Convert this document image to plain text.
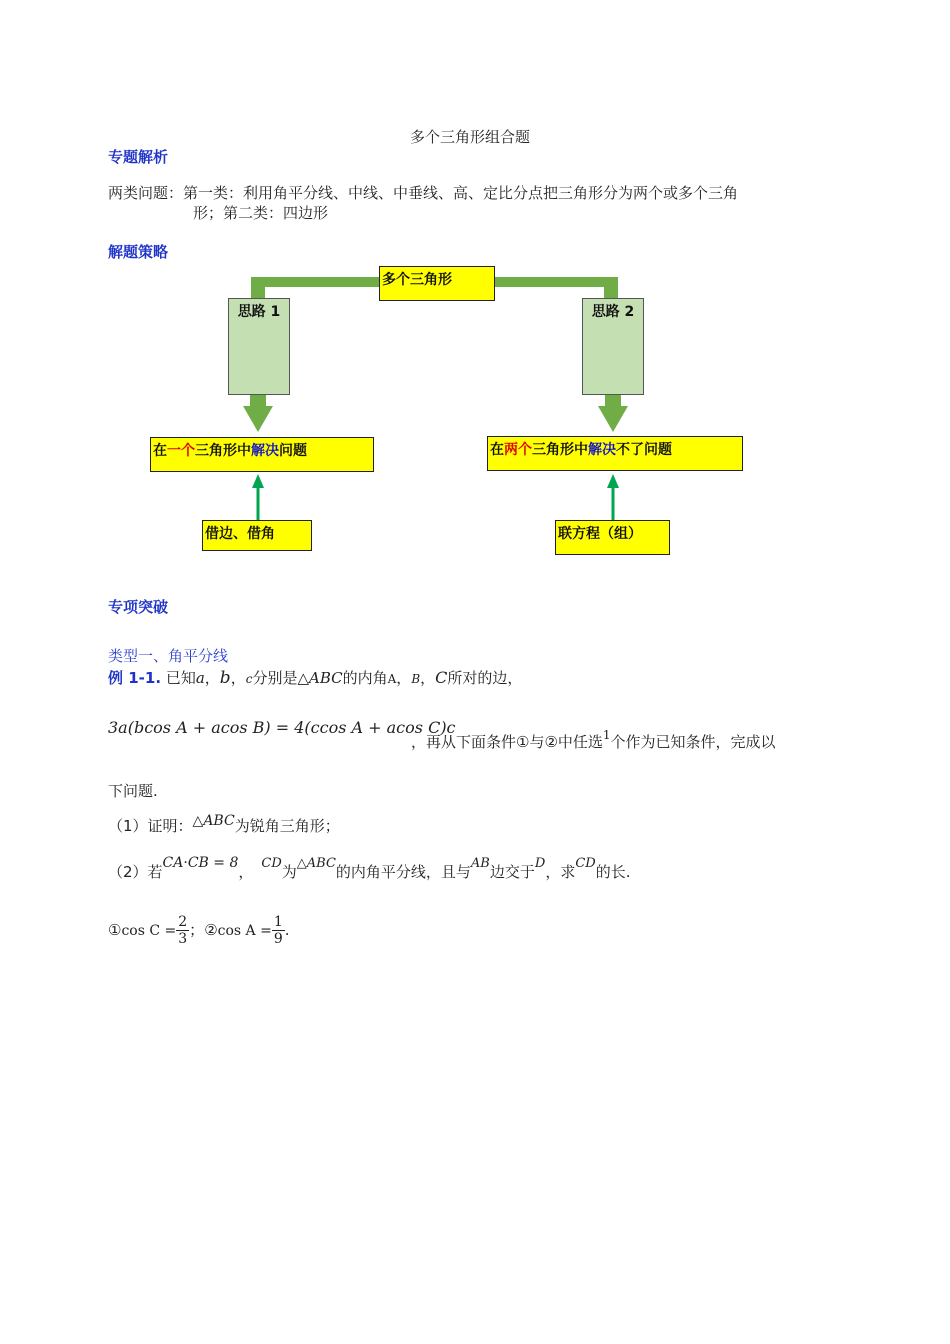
多个三角形组合题
专题解析
两类问题：第一类：利用角平分线、中线、中垂线、高、定比分点把三角形分为两个或多个三角
形；第二类：四边形
解题策略
多个三角形
思路 1	思路 2
在一个三角形中解决问题	在两个三角形中解决不了问题
借边、借角	联方程（组）
专项突破
类型一、角平分线
例 1-1. 已知a，b，c分别是△ABC的内角A，B，C所对的边，
3a(bcos A + acos B) = 4(ccos A + acos C)c
，再从下面条件①与②中任选$^1$个作为已知条件，完成以
下问题.
（1）证明：△ABC为锐角三角形；
（2）若CA·CB = 8， CD为△ABC的内角平分线，且与AB边交于D，求CD的长.
①cos $C = \frac{2}{3}$ ；②cos $A = \frac{1}{9}$ .
